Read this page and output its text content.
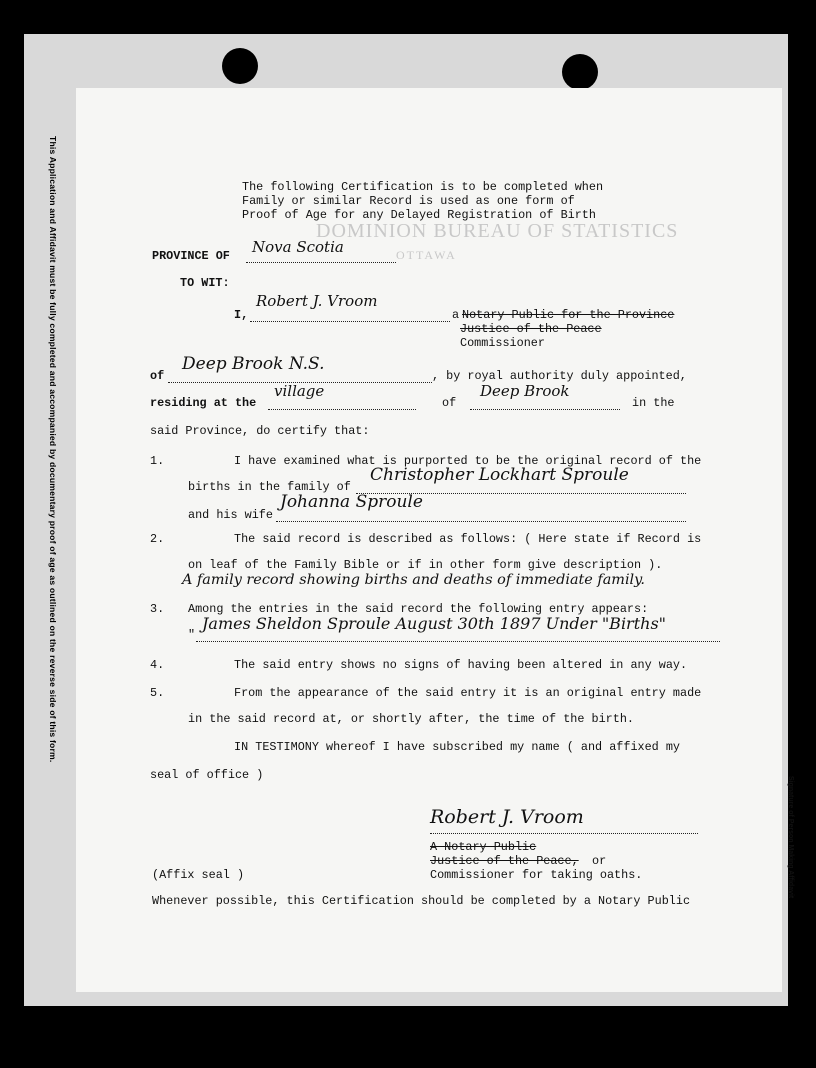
This Application and Affidavit must be fully completed and accompanied by documentary proof of age as outlined on the reverse side of this form.
Signature of Person Making Affidavit
DOMINION BUREAU OF STATISTICS
OTTAWA
The following Certification is to be completed when
Family or similar Record is used as one form of
Proof of Age for any Delayed Registration of Birth
PROVINCE OF Nova Scotia
TO WIT:
I,
Robert J. Vroom
a Notary Public for the Province
Justice of the Peace
Commissioner
of
Deep Brook N.S.
, by royal authority duly appointed,
residing at the
village
of
Deep Brook
in the
said Province, do certify that:
1.	I have examined what is purported to be the original record of the
births in the family of
Christopher Lockhart Sproule
and his wife
Johanna Sproule
2.	The said record is described as follows: ( Here state if Record is
on leaf of the Family Bible or if in other form give description ).
A family record showing births and deaths of immediate family.
3. Among the entries in the said record the following entry appears:
"
James Sheldon Sproule August 30th 1897 Under "Births"
4.	The said entry shows no signs of having been altered in any way.
5.	From the appearance of the said entry it is an original entry made
in the said record at, or shortly after, the time of the birth.
IN TESTIMONY whereof I have subscribed my name ( and affixed my
seal of office )
Robert J. Vroom
A Notary Public
Justice of the Peace, or
Commissioner for taking oaths.
(Affix seal )
Whenever possible, this Certification should be completed by a Notary Public
